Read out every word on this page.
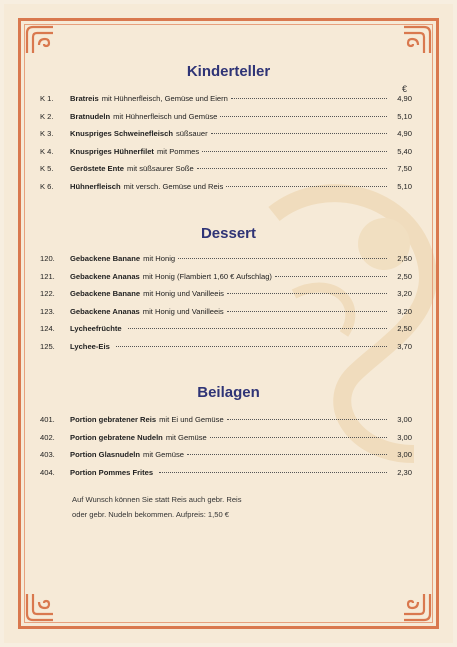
Kinderteller
€
K 1.	Bratreis mit Hühnerfleisch, Gemüse und Eiern	4,90
K 2.	Bratnudeln mit Hühnerfleisch und Gemüse	5,10
K 3.	Knuspriges Schweinefleisch süßsauer	4,90
K 4.	Knuspriges Hühnerfilet mit Pommes	5,40
K 5.	Geröstete Ente mit süßsaurer Soße	7,50
K 6.	Hühnerfleisch mit versch. Gemüse und Reis	5,10
Dessert
120.	Gebackene Banane mit Honig	2,50
121.	Gebackene Ananas mit Honig (Flambiert 1,60 € Aufschlag)	2,50
122.	Gebackene Banane mit Honig und Vanilleeis	3,20
123.	Gebackene Ananas mit Honig und Vanilleeis	3,20
124.	Lycheefrüchte	2,50
125.	Lychee-Eis	3,70
Beilagen
401.	Portion gebratener Reis mit Ei und Gemüse	3,00
402.	Portion gebratene Nudeln mit Gemüse	3,00
403.	Portion Glasnudeln mit Gemüse	3,00
404.	Portion Pommes Frites	2,30
Auf Wunsch können Sie statt Reis auch gebr. Reis
oder gebr. Nudeln bekommen. Aufpreis: 1,50 €
